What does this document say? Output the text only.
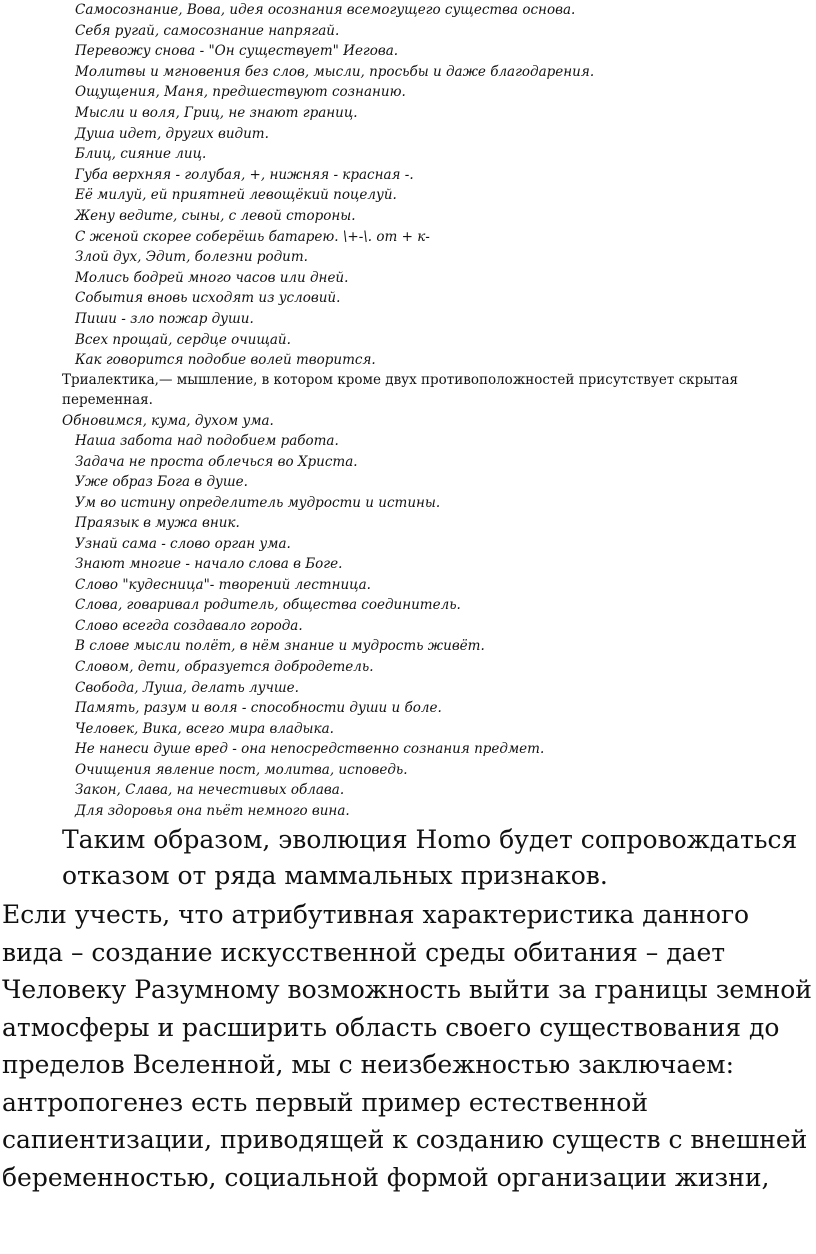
Самосознание, Вова, идея осознания всемогущего существа основа.
Себя ругай, самосознание напрягай.
Перевожу снова - "Он существует" Иегова.
Молитвы и мгновения без слов, мысли, просьбы и даже благодарения.
Ощущения, Маня, предшествуют сознанию.
Мысли и воля, Гриц, не знают границ.
Душа идет, других видит.
Блиц, сияние лиц.
Губа верхняя - голубая, +, нижняя - красная -.
Её милуй, ей приятней левощёкий поцелуй.
Жену ведите, сыны, с левой стороны.
С женой скорее соберёшь батарею. \+-\. от + к-
Злой дух, Эдит, болезни родит.
Молись бодрей много часов или дней.
События вновь исходят из условий.
Пиши - зло пожар души.
Всех прощай, сердце очищай.
Как говорится подобие волей творится.

Триалектика,— мышление, в котором кроме двух противоположностей присутствует скрытая переменная.

Обновимся, кума, духом ума.
Наша забота над подобием работа.
Задача не проста облечься во Христа.
Уже образ Бога в душе.
Ум во истину определитель мудрости и истины.
Праязык в мужа вник.
Узнай сама - слово орган ума.
Знают многие - начало слова в Боге.
Слово "кудесница"- творений лестница.
Слова, говаривал родитель, общества соединитель.
Слово всегда создавало города.
В слове мысли полёт, в нём знание и мудрость живёт.
Словом, дети, образуется добродетель.
Свобода, Луша, делать лучше.
Память, разум и воля - способности души и боле.
Человек, Вика, всего мира владыка.
Не нанеси душе вред - она непосредственно сознания предмет.
Очищения явление пост, молитва, исповедь.
Закон, Слава, на нечестивых облава.
Для здоровья она пьёт немного вина.

Таким образом, эволюция Homo будет сопровождаться отказом от ряда маммальных признаков.

Если учесть, что атрибутивная характеристика данного вида – создание искусственной среды обитания – дает Человеку Разумному возможность выйти за границы земной атмосферы и расширить область своего существования до пределов Вселенной, мы с неизбежностью заключаем: антропогенез есть первый пример естественной сапиентизации, приводящей к созданию существ с внешней беременностью, социальной формой организации жизни,
